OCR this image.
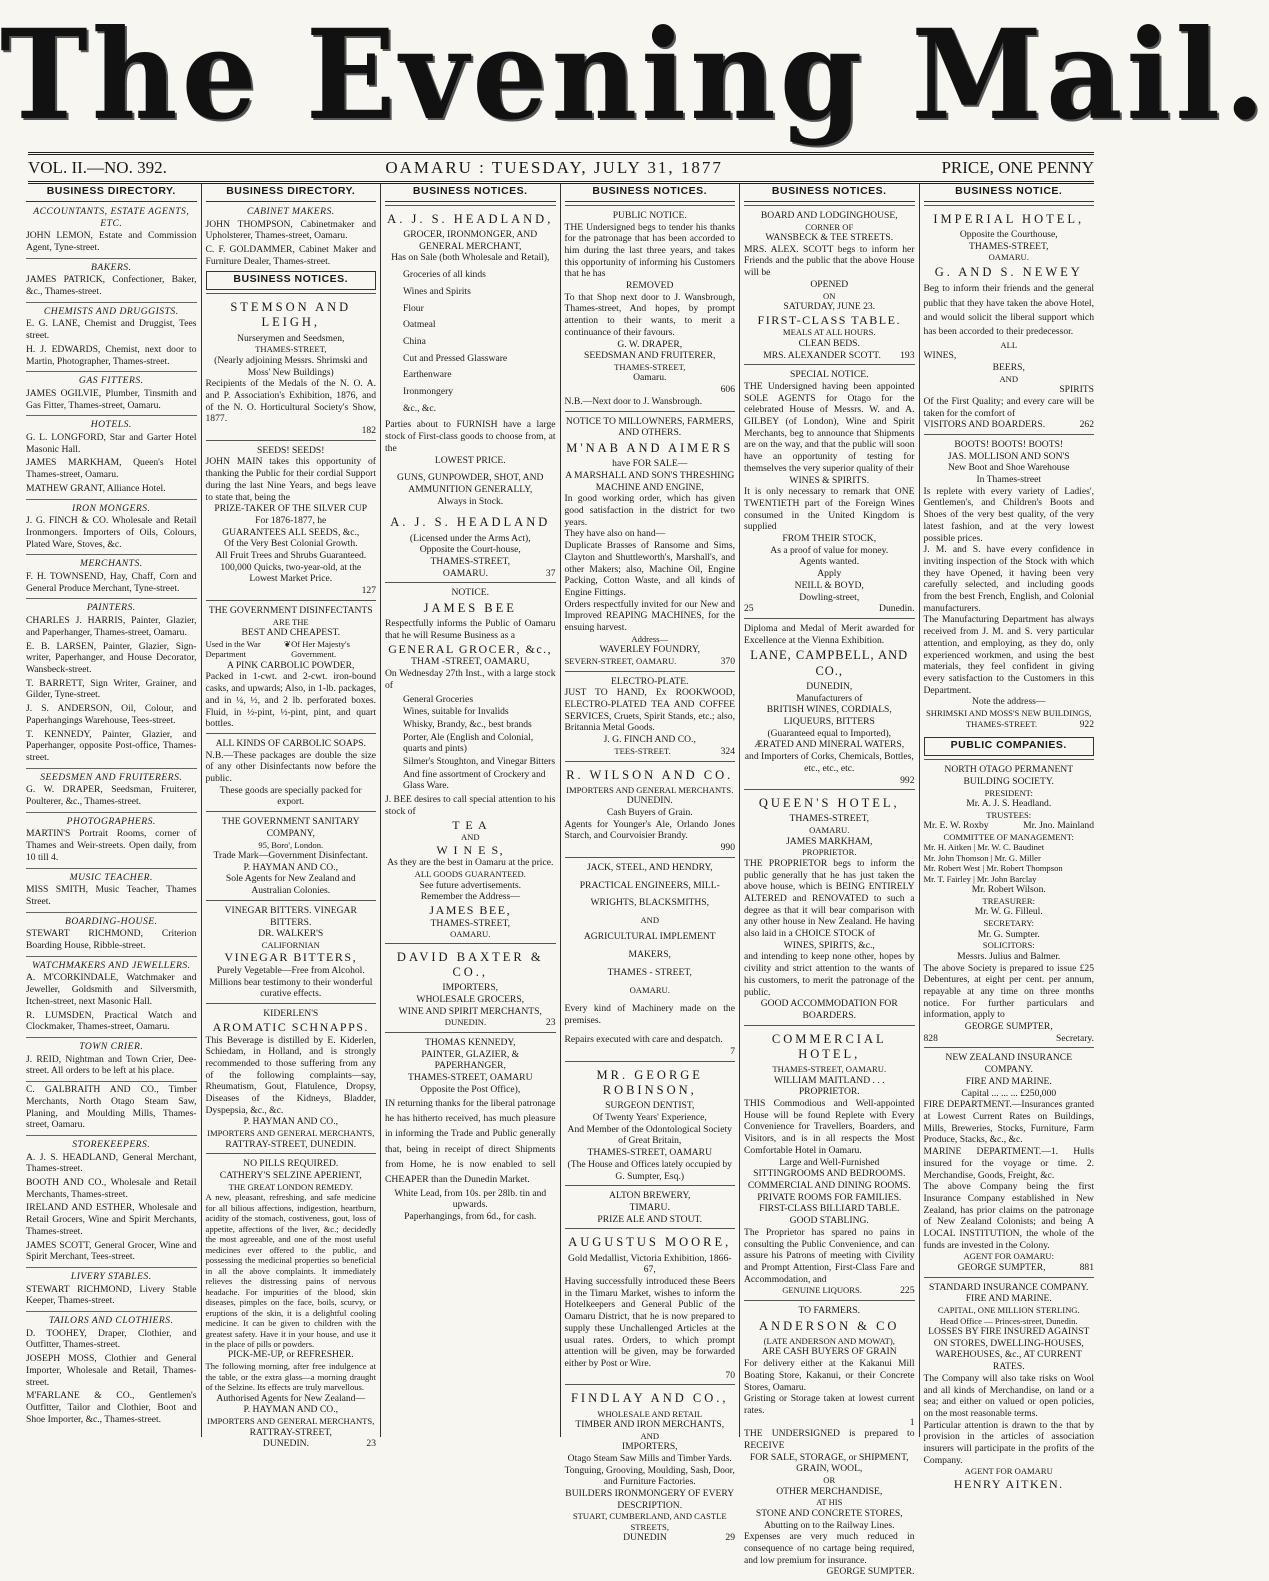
The Evening Mail.
VOL. II.—NO. 392.	OAMARU : TUESDAY, JULY 31, 1877	PRICE, ONE PENNY
BUSINESS DIRECTORY.
ACCOUNTANTS, ESTATE AGENTS, ETC.
JOHN LEMON, Estate and Commission Agent, Tyne-street.
BAKERS.
JAMES PATRICK, Confectioner, Baker, &c., Thames-street.
CHEMISTS AND DRUGGISTS.
E. G. LANE, Chemist and Druggist, Tees street.
H. J. EDWARDS, Chemist, next door to Martin, Photographer, Thames-street.
GAS FITTERS.
JAMES OGILVIE, Plumber, Tinsmith and Gas Fitter, Thames-street, Oamaru.
HOTELS.
G. L. LONGFORD, Star and Garter Hotel Masonic Hall.
JAMES MARKHAM, Queen's Hotel Thames-street, Oamaru.
MATHEW GRANT, Alliance Hotel.
IRON MONGERS.
J. G. FINCH & CO. Wholesale and Retail Ironmongers. Importers of Oils, Colours, Plated Ware, Stoves, &c.
MERCHANTS.
F. H. TOWNSEND, Hay, Chaff, Corn and General Produce Merchant, Tyne-street.
PAINTERS.
CHARLES J. HARRIS, Painter, Glazier, and Paperhanger, Thames-street, Oamaru.
E. B. LARSEN, Painter, Glazier, Sign-writer, Paperhanger, and House Decorator, Wansbeck-street.
T. BARRETT, Sign Writer, Grainer, and Gilder, Tyne-street.
J. S. ANDERSON, Oil, Colour, and Paperhangings Warehouse, Tees-street.
T. KENNEDY, Painter, Glazier, and Paperhanger, opposite Post-office, Thames-street.
SEEDSMEN AND FRUITERERS.
G. W. DRAPER, Seedsman, Fruiterer, Poulterer, &c., Thames-street.
PHOTOGRAPHERS.
MARTIN'S Portrait Rooms, corner of Thames and Weir-streets. Open daily, from 10 till 4.
MUSIC TEACHER.
MISS SMITH, Music Teacher, Thames Street.
BOARDING-HOUSE.
STEWART RICHMOND, Criterion Boarding House, Ribble-street.
WATCHMAKERS AND JEWELLERS.
A. M'CORKINDALE, Watchmaker and Jeweller, Goldsmith and Silversmith, Itchen-street, next Masonic Hall.
R. LUMSDEN, Practical Watch and Clockmaker, Thames-street, Oamaru.
TOWN CRIER.
J. REID, Nightman and Town Crier, Dee-street. All orders to be left at his place.
C. GALBRAITH AND CO., Timber Merchants, North Otago Steam Saw, Planing, and Moulding Mills, Thames-street, Oamaru.
STOREKEEPERS.
A. J. S. HEADLAND, General Merchant, Thames-street.
BOOTH AND CO., Wholesale and Retail Merchants, Thames-street.
IRELAND AND ESTHER, Wholesale and Retail Grocers, Wine and Spirit Merchants, Thames-street.
JAMES SCOTT, General Grocer, Wine and Spirit Merchant, Tees-street.
LIVERY STABLES.
STEWART RICHMOND, Livery Stable Keeper, Thames-street.
TAILORS AND CLOTHIERS.
D. TOOHEY, Draper, Clothier, and Outfitter, Thames-street.
JOSEPH MOSS, Clothier and General Importer, Wholesale and Retail, Thames-street.
M'FARLANE & CO., Gentlemen's Outfitter, Tailor and Clothier, Boot and Shoe Importer, &c., Thames-street.
BUSINESS DIRECTORY.
CABINET MAKERS.
JOHN THOMPSON, Cabinetmaker and Upholsterer, Thames-street, Oamaru.
C. F. GOLDAMMER, Cabinet Maker and Furniture Dealer, Thames-street.
BUSINESS NOTICES.
STEMSON AND LEIGH,
Nurserymen and Seedsmen,
THAMES-STREET,
(Nearly adjoining Messrs. Shrimski and Moss' New Buildings)
Recipients of the Medals of the N. O. A. and P. Association's Exhibition, 1876, and of the N. O. Horticultural Society's Show, 1877.
182
SEEDS! SEEDS!
JOHN MAIN takes this opportunity of thanking the Public for their cordial Support during the last Nine Years, and begs leave to state that, being the
PRIZE-TAKER OF THE SILVER CUP
For 1876-1877, he
GUARANTEES ALL SEEDS, &c.,
Of the Very Best Colonial Growth.
All Fruit Trees and Shrubs Guaranteed.
100,000 Quicks, two-year-old, at the Lowest Market Price.
127
THE GOVERNMENT DISINFECTANTS
ARE THE
BEST AND CHEAPEST.
Used in the War Department
❦ Of Her Majesty's Government.
A PINK CARBOLIC POWDER,
Packed in 1-cwt. and 2-cwt. iron-bound casks, and upwards; Also, in 1-lb. packages, and in ¼, ½, and 2 lb. perforated boxes. Fluid, in ½-pint, ½-pint, pint, and quart bottles.
ALL KINDS OF CARBOLIC SOAPS.
N.B.—These packages are double the size of any other Disinfectants now before the public.
These goods are specially packed for export.
THE GOVERNMENT SANITARY COMPANY,
95, Boro', London.
Trade Mark—Government Disinfectant.
P. HAYMAN AND CO.,
Sole Agents for New Zealand and Australian Colonies.
VINEGAR BITTERS. VINEGAR BITTERS.
DR. WALKER'S
CALIFORNIAN
VINEGAR BITTERS,
Purely Vegetable—Free from Alcohol.
Millions bear testimony to their wonderful curative effects.
KIDERLEN'S
AROMATIC SCHNAPPS.
This Beverage is distilled by E. Kiderlen, Schiedam, in Holland, and is strongly recommended to those suffering from any of the following complaints—say, Rheumatism, Gout, Flatulence, Dropsy, Diseases of the Kidneys, Bladder, Dyspepsia, &c., &c.
P. HAYMAN AND CO.,
IMPORTERS AND GENERAL MERCHANTS,
RATTRAY-STREET, DUNEDIN.
NO PILLS REQUIRED.
CATHERY'S SELZINE APERIENT,
THE GREAT LONDON REMEDY.
A new, pleasant, refreshing, and safe medicine for all bilious affections, indigestion, heartburn, acidity of the stomach, costiveness, gout, loss of appetite, affections of the liver, &c.; decidedly the most agreeable, and one of the most useful medicines ever offered to the public, and possessing the medicinal properties so beneficial in all the above complaints. It immediately relieves the distressing pains of nervous headache. For impurities of the blood, skin diseases, pimples on the face, boils, scurvy, or eruptions of the skin, it is a delightful cooling medicine. It can be given to children with the greatest safety. Have it in your house, and use it in the place of pills or powders.
PICK-ME-UP, or REFRESHER.
The following morning, after free indulgence at the table, or the extra glass—a morning draught of the Selzine. Its effects are truly marvellous.
Authorised Agents for New Zealand—
P. HAYMAN AND CO.,
IMPORTERS AND GENERAL MERCHANTS,
RATTRAY-STREET,
DUNEDIN.	23
BUSINESS NOTICES.
A. J. S. HEADLAND,
GROCER, IRONMONGER, AND
GENERAL MERCHANT,
Has on Sale (both Wholesale and Retail),
Groceries of all kinds
Wines and Spirits
Flour
Oatmeal
China
Cut and Pressed Glassware
Earthenware
Ironmongery
&c., &c.
Parties about to FURNISH have a large stock of First-class goods to choose from, at the
LOWEST PRICE.
GUNS, GUNPOWDER, SHOT, AND
AMMUNITION GENERALLY,
Always in Stock.
A. J. S. HEADLAND
(Licensed under the Arms Act),
Opposite the Court-house,
THAMES-STREET,
OAMARU.	37
NOTICE.
JAMES BEE
Respectfully informs the Public of Oamaru that he will Resume Business as a
GENERAL GROCER, &c.,
THAM -STREET, OAMARU,
On Wednesday 27th Inst., with a large stock of
General Groceries
Wines, suitable for Invalids
Whisky, Brandy, &c., best brands
Porter, Ale (English and Colonial, quarts and pints)
Silmer's Stoughton, and Vinegar Bitters
And fine assortment of Crockery and Glass Ware.
J. BEE desires to call special attention to his stock of
T E A
AND
W I N E S,
As they are the best in Oamaru at the price.
ALL GOODS GUARANTEED.
See future advertisements.
Remember the Address—
JAMES BEE,
THAMES-STREET,
OAMARU.
DAVID BAXTER & CO.,
IMPORTERS,
WHOLESALE GROCERS,
WINE AND SPIRIT MERCHANTS,
DUNEDIN.	23
THOMAS KENNEDY,
PAINTER, GLAZIER, & PAPERHANGER,
THAMES-STREET, OAMARU
Opposite the Post Office),
IN returning thanks for the liberal patronage he has hitherto received, has much pleasure in informing the Trade and Public generally that, being in receipt of direct Shipments from Home, he is now enabled to sell CHEAPER than the Dunedin Market.
White Lead, from 10s. per 28lb. tin and upwards.
Paperhangings, from 6d., for cash.
BUSINESS NOTICES.
PUBLIC NOTICE.
THE Undersigned begs to tender his thanks for the patronage that has been accorded to him during the last three years, and takes this opportunity of informing his Customers that he has
REMOVED
To that Shop next door to J. Wansbrough, Thames-street, And hopes, by prompt attention to their wants, to merit a continuance of their favours.
G. W. DRAPER,
SEEDSMAN AND FRUITERER,
THAMES-STREET,
Oamaru.
606
N.B.—Next door to J. Wansbrough.
NOTICE TO MILLOWNERS, FARMERS, AND OTHERS.
M'NAB AND AIMERS
have FOR SALE—
A MARSHALL AND SON'S THRESHING MACHINE AND ENGINE,
In good working order, which has given good satisfaction in the district for two years.
They have also on hand—
Duplicate Brasses of Ransome and Sims, Clayton and Shuttleworth's, Marshall's, and other Makers; also, Machine Oil, Engine Packing, Cotton Waste, and all kinds of Engine Fittings.
Orders respectfully invited for our New and Improved REAPING MACHINES, for the ensuing harvest.
Address—
WAVERLEY FOUNDRY,
SEVERN-STREET, OAMARU.	370
ELECTRO-PLATE.
JUST TO HAND, Ex ROOKWOOD, ELECTRO-PLATED TEA AND COFFEE SERVICES, Cruets, Spirit Stands, etc.; also, Britannia Metal Goods.
J. G. FINCH AND CO.,
TEES-STREET.	324
R. WILSON AND CO.
IMPORTERS AND GENERAL MERCHANTS.
DUNEDIN.
Cash Buyers of Grain.
Agents for Younger's Ale, Orlando Jones Starch, and Courvoisier Brandy.
990
JACK, STEEL, AND HENDRY,
PRACTICAL ENGINEERS, MILL-
WRIGHTS, BLACKSMITHS,
AND
AGRICULTURAL IMPLEMENT
MAKERS,
THAMES - STREET,
OAMARU.
Every kind of Machinery made on the premises.
Repairs executed with care and despatch.
7
MR. GEORGE ROBINSON,
SURGEON DENTIST,
Of Twenty Years' Experience,
And Member of the Odontological Society of Great Britain,
THAMES-STREET, OAMARU
(The House and Offices lately occupied by G. Sumpter, Esq.)
ALTON BREWERY,
TIMARU.
PRIZE ALE AND STOUT.
AUGUSTUS MOORE,
Gold Medallist, Victoria Exhibition, 1866-67,
Having successfully introduced these Beers in the Timaru Market, wishes to inform the Hotelkeepers and General Public of the Oamaru District, that he is now prepared to supply these Unchallenged Articles at the usual rates. Orders, to which prompt attention will be given, may be forwarded either by Post or Wire.
70
FINDLAY AND CO.,
WHOLESALE AND RETAIL
TIMBER AND IRON MERCHANTS,
AND
IMPORTERS,
Otago Steam Saw Mills and Timber Yards.
Tonguing, Grooving, Moulding, Sash, Door, and Furniture Factories.
BUILDERS IRONMONGERY OF EVERY DESCRIPTION.
STUART, CUMBERLAND, AND CASTLE STREETS,
DUNEDIN	29
BUSINESS NOTICES.
BOARD AND LODGINGHOUSE,
CORNER OF
WANSBECK & TEE STREETS.
MRS. ALEX. SCOTT begs to inform her Friends and the public that the above House will be
OPENED
ON
SATURDAY, JUNE 23.
FIRST-CLASS TABLE.
MEALS AT ALL HOURS.
CLEAN BEDS.
MRS. ALEXANDER SCOTT. 193
SPECIAL NOTICE.
THE Undersigned having been appointed SOLE AGENTS for Otago for the celebrated House of Messrs. W. and A. GILBEY (of London), Wine and Spirit Merchants, beg to announce that Shipments are on the way, and that the public will soon have an opportunity of testing for themselves the very superior quality of their
WINES & SPIRITS.
It is only necessary to remark that ONE TWENTIETH part of the Foreign Wines consumed in the United Kingdom is supplied
FROM THEIR STOCK,
As a proof of value for money.
Agents wanted.
Apply
NEILL & BOYD,
Dowling-street,
25	Dunedin.
Diploma and Medal of Merit awarded for Excellence at the Vienna Exhibition.
LANE, CAMPBELL, AND CO.,
DUNEDIN,
Manufacturers of
BRITISH WINES, CORDIALS,
LIQUEURS, BITTERS
(Guaranteed equal to Imported),
ÆRATED AND MINERAL WATERS,
and Importers of Corks, Chemicals, Bottles, etc., etc., etc.
992
QUEEN'S HOTEL,
THAMES-STREET,
OAMARU.
JAMES MARKHAM,
PROPRIETOR.
THE PROPRIETOR begs to inform the public generally that he has just taken the above house, which is BEING ENTIRELY ALTERED and RENOVATED to such a degree as that it will bear comparison with any other house in New Zealand. He having also laid in a CHOICE STOCK of
WINES, SPIRITS, &c.,
and intending to keep none other, hopes by civility and strict attention to the wants of his customers, to merit the patronage of the public.
GOOD ACCOMMODATION FOR BOARDERS.
COMMERCIAL HOTEL,
THAMES-STREET, OAMARU.
WILLIAM MAITLAND . . . PROPRIETOR.
THIS Commodious and Well-appointed House will be found Replete with Every Convenience for Travellers, Boarders, and Visitors, and is in all respects the Most Comfortable Hotel in Oamaru.
Large and Well-Furnished
SITTINGROOMS AND BEDROOMS.
COMMERCIAL AND DINING ROOMS.
PRIVATE ROOMS FOR FAMILIES.
FIRST-CLASS BILLIARD TABLE.
GOOD STABLING.
The Proprietor has spared no pains in consulting the Public Convenience, and can assure his Patrons of meeting with Civility and Prompt Attention, First-Class Fare and Accommodation, and
GENUINE LIQUORS.	225
TO FARMERS.
ANDERSON & CO
(LATE ANDERSON AND MOWAT),
ARE CASH BUYERS OF GRAIN
For delivery either at the Kakanui Mill Boating Store, Kakanui, or their Concrete Stores, Oamaru.
Gristing or Storage taken at lowest current rates.
1
THE UNDERSIGNED is prepared to RECEIVE
FOR SALE, STORAGE, or SHIPMENT,
GRAIN, WOOL,
OR
OTHER MERCHANDISE,
AT HIS
STONE AND CONCRETE STORES,
Abutting on to the Railway Lines.
Expenses are very much reduced in consequence of no cartage being required, and low premium for insurance.
GEORGE SUMPTER.
BUSINESS NOTICE.
IMPERIAL HOTEL,
Opposite the Courthouse,
THAMES-STREET,
OAMARU.
G. AND S. NEWEY
Beg to inform their friends and the general public that they have taken the above Hotel, and would solicit the liberal support which has been accorded to their predecessor.
ALL
WINES,
BEERS,
AND
SPIRITS
Of the First Quality; and every care will be taken for the comfort of
VISITORS AND BOARDERS.	262
BOOTS! BOOTS! BOOTS!
JAS. MOLLISON AND SON'S
New Boot and Shoe Warehouse
In Thames-street
Is replete with every variety of Ladies', Gentlemen's, and Children's Boots and Shoes of the very best quality, of the very latest fashion, and at the very lowest possible prices.
J. M. and S. have every confidence in inviting inspection of the Stock with which they have Opened, it having been very carefully selected, and including goods from the best French, English, and Colonial manufacturers.
The Manufacturing Department has always received from J. M. and S. very particular attention, and employing, as they do, only experienced workmen, and using the best materials, they feel confident in giving every satisfaction to the Customers in this Department.
Note the address—
SHRIMSKI AND MOSS'S NEW BUILDINGS,
THAMES-STREET.	922
PUBLIC COMPANIES.
NORTH OTAGO PERMANENT BUILDING SOCIETY.
PRESIDENT:
Mr. A. J. S. Headland.
TRUSTEES:
Mr. E. W. Roxby	Mr. Jno. Mainland
COMMITTEE OF MANAGEMENT:
Mr. H. Aitken | Mr. W. C. Baudinet
Mr. John Thomson | Mr. G. Miller
Mr. Robert West | Mr. Robert Thompson
Mr. T. Fairley | Mr. John Barclay
Mr. Robert Wilson.
TREASURER:
Mr. W. G. Filleul.
SECRETARY:
Mr. G. Sumpter.
SOLICITORS:
Messrs. Julius and Balmer.
The above Society is prepared to issue £25 Debentures, at eight per cent. per annum, repayable at any time on three months notice. For further particulars and information, apply to
GEORGE SUMPTER,
828	Secretary.
NEW ZEALAND INSURANCE COMPANY.
FIRE AND MARINE.
Capital ... ... ... £250,000
FIRE DEPARTMENT.—Insurances granted at Lowest Current Rates on Buildings, Mills, Breweries, Stocks, Furniture, Farm Produce, Stacks, &c., &c.
MARINE DEPARTMENT.—1. Hulls insured for the voyage or time. 2. Merchandise, Goods, Freight, &c.
The above Company being the first Insurance Company established in New Zealand, has prior claims on the patronage of New Zealand Colonists; and being A LOCAL INSTITUTION, the whole of the funds are invested in the Colony.
AGENT FOR OAMARU:
GEORGE SUMPTER,	881
STANDARD INSURANCE COMPANY.
FIRE AND MARINE.
CAPITAL, ONE MILLION STERLING.
Head Office — Princes-street, Dunedin.
LOSSES BY FIRE INSURED AGAINST ON STORES, DWELLING-HOUSES, WAREHOUSES, &c., AT CURRENT RATES.
The Company will also take risks on Wool and all kinds of Merchandise, on land or a sea; and either on valued or open policies, on the most reasonable terms.
Particular attention is drawn to the that by provision in the articles of association insurers will participate in the profits of the Company.
AGENT FOR OAMARU
HENRY AITKEN.
